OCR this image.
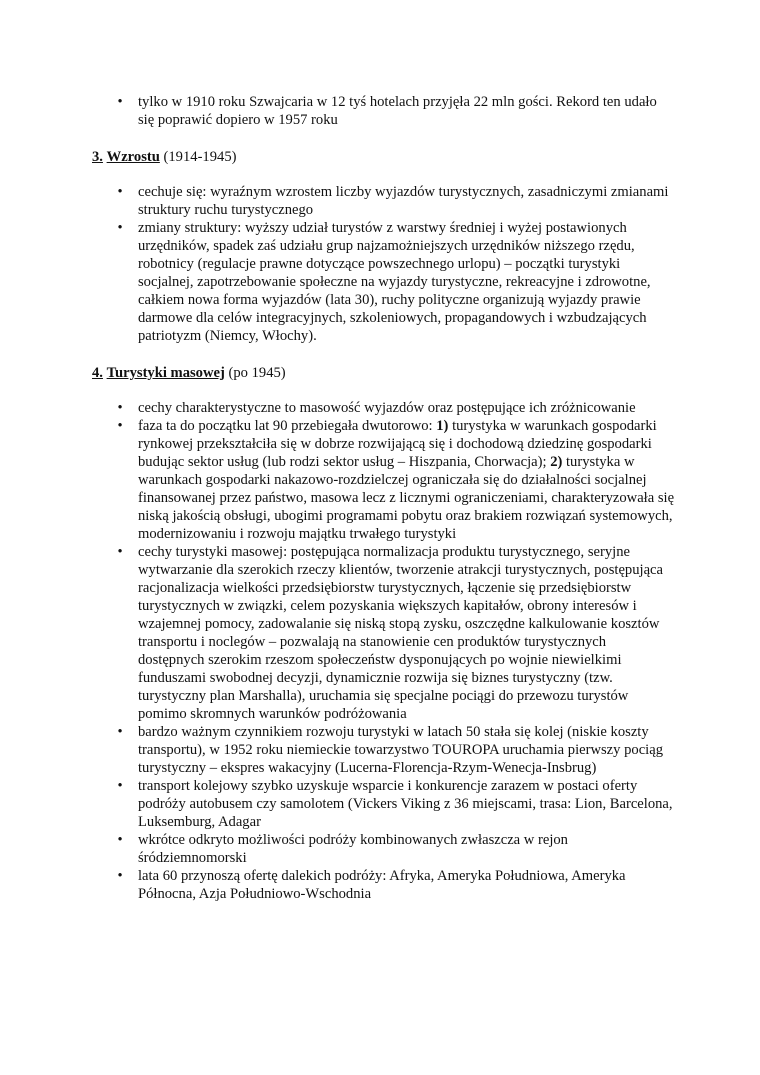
• tylko w 1910 roku Szwajcaria w 12 tyś hotelach przyjęła 22 mln gości. Rekord ten udało się poprawić dopiero w 1957 roku
3. Wzrostu (1914-1945)
• cechuje się: wyraźnym wzrostem liczby wyjazdów turystycznych, zasadniczymi zmianami struktury ruchu turystycznego
• zmiany struktury: wyższy udział turystów z warstwy średniej i wyżej postawionych urzędników, spadek zaś udziału grup najzamożniejszych urzędników niższego rzędu, robotnicy (regulacje prawne dotyczące powszechnego urlopu) – początki turystyki socjalnej, zapotrzebowanie społeczne na wyjazdy turystyczne, rekreacyjne i zdrowotne, całkiem nowa forma wyjazdów (lata 30), ruchy polityczne organizują wyjazdy prawie darmowe dla celów integracyjnych, szkoleniowych, propagandowych i wzbudzających patriotyzm (Niemcy, Włochy).
4. Turystyki masowej (po 1945)
• cechy charakterystyczne to masowość wyjazdów oraz postępujące ich zróżnicowanie
• faza ta do początku lat 90 przebiegała dwutorowo: 1) turystyka w warunkach gospodarki rynkowej przekształciła się w dobrze rozwijającą się i dochodową dziedzinę gospodarki budując sektor usług (lub rodzi sektor usług – Hiszpania, Chorwacja); 2) turystyka w warunkach gospodarki nakazowo-rozdzielczej ograniczała się do działalności socjalnej finansowanej przez państwo, masowa lecz z licznymi ograniczeniami, charakteryzowała się niską jakością obsługi, ubogimi programami pobytu oraz brakiem rozwiązań systemowych, modernizowaniu i rozwoju majątku trwałego turystyki
• cechy turystyki masowej: postępująca normalizacja produktu turystycznego, seryjne wytwarzanie dla szerokich rzeczy klientów, tworzenie atrakcji turystycznych, postępująca racjonalizacja wielkości przedsiębiorstw turystycznych, łączenie się przedsiębiorstw turystycznych w związki, celem pozyskania większych kapitałów, obrony interesów i wzajemnej pomocy, zadowalanie się niską stopą zysku, oszczędne kalkulowanie kosztów transportu i noclegów – pozwalają na stanowienie cen produktów turystycznych dostępnych szerokim rzeszom społeczeństw dysponujących po wojnie niewielkimi funduszami swobodnej decyzji, dynamicznie rozwija się biznes turystyczny (tzw. turystyczny plan Marshalla), uruchamia się specjalne pociągi do przewozu turystów pomimo skromnych warunków podróżowania
• bardzo ważnym czynnikiem rozwoju turystyki w latach 50 stała się kolej (niskie koszty transportu), w 1952 roku niemieckie towarzystwo TOUROPA uruchamia pierwszy pociąg turystyczny – ekspres wakacyjny (Lucerna-Florencja-Rzym-Wenecja-Insbrug)
• transport kolejowy szybko uzyskuje wsparcie i konkurencje zarazem w postaci oferty podróży autobusem czy samolotem (Vickers Viking z 36 miejscami, trasa: Lion, Barcelona, Luksemburg, Adagar
• wkrótce odkryto możliwości podróży kombinowanych zwłaszcza w rejon śródziemnomorski
• lata 60 przynoszą ofertę dalekich podróży: Afryka, Ameryka Południowa, Ameryka Północna, Azja Południowo-Wschodnia
